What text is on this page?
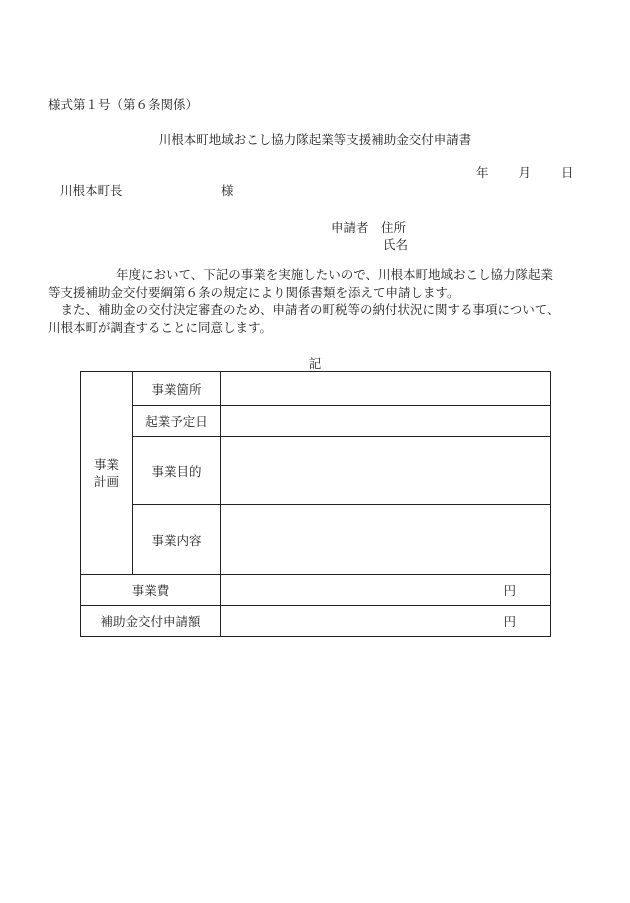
様式第１号（第６条関係）
川根本町地域おこし協力隊起業等支援補助金交付申請書
年 月 日
川根本町長	様
申請者　 住所
氏名
年度において、下記の事業を実施したいので、川根本町地域おこし協力隊起業
等支援補助金交付要綱第６条の規定により関係書類を添えて申請します。
　また、補助金の交付決定審査のため、申請者の町税等の納付状況に関する事項について、
川根本町が調査することに同意します。
記
事業
計画	事業箇所	
	起業予定日	
	事業目的	
	事業内容	
事業費		円
補助金交付申請額		円
